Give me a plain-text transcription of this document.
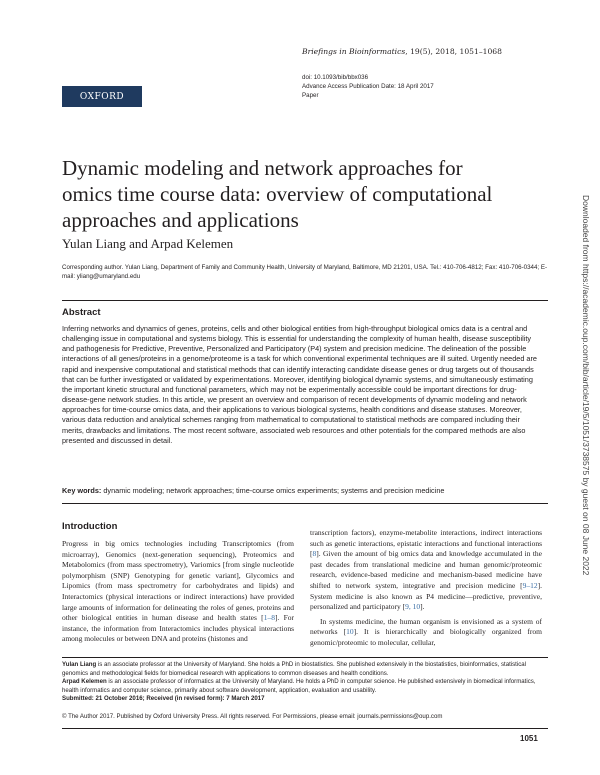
Briefings in Bioinformatics, 19(5), 2018, 1051–1068
OXFORD
doi: 10.1093/bib/bbx036
Advance Access Publication Date: 18 April 2017
Paper
Dynamic modeling and network approaches for omics time course data: overview of computational approaches and applications
Yulan Liang and Arpad Kelemen
Corresponding author. Yulan Liang, Department of Family and Community Health, University of Maryland, Baltimore, MD 21201, USA. Tel.: 410-706-4812; Fax: 410-706-0344; E-mail: yliang@umaryland.edu
Abstract
Inferring networks and dynamics of genes, proteins, cells and other biological entities from high-throughput biological omics data is a central and challenging issue in computational and systems biology. This is essential for understanding the complexity of human health, disease susceptibility and pathogenesis for Predictive, Preventive, Personalized and Participatory (P4) system and precision medicine. The delineation of the possible interactions of all genes/proteins in a genome/proteome is a task for which conventional experimental techniques are ill suited. Urgently needed are rapid and inexpensive computational and statistical methods that can identify interacting candidate disease genes or drug targets out of thousands that can be further investigated or validated by experimentations. Moreover, identifying biological dynamic systems, and simultaneously estimating the important kinetic structural and functional parameters, which may not be experimentally accessible could be important directions for drug-disease-gene network studies. In this article, we present an overview and comparison of recent developments of dynamic modeling and network approaches for time-course omics data, and their applications to various biological systems, health conditions and disease statuses. Moreover, various data reduction and analytical schemes ranging from mathematical to computational to statistical methods are compared including their merits, drawbacks and limitations. The most recent software, associated web resources and other potentials for the compared methods are also presented and discussed in detail.
Key words: dynamic modeling; network approaches; time-course omics experiments; systems and precision medicine
Introduction

Progress in big omics technologies including Transcriptomics (from microarray), Genomics (next-generation sequencing), Proteomics and Metabolomics (from mass spectrometry), Variomics [from single nucleotide polymorphism (SNP) Genotyping for genetic variant], Glycomics and Lipomics (from mass spectrometry for carbohydrates and lipids) and Interactomics (physical interactions or indirect interactions) have provided large amounts of information for delineating the roles of genes, proteins and other biological entities in human disease and health states [1–8]. For instance, the information from Interactomics includes physical interactions among molecules or between DNA and proteins (histones and

transcription factors), enzyme-metabolite interactions, indirect interactions such as genetic interactions, epistatic interactions and functional interactions [8]. Given the amount of big omics data and knowledge accumulated in the past decades from translational medicine and human genomic/proteomic research, evidence-based medicine and mechanism-based medicine have shifted to network system, integrative and precision medicine [9–12]. System medicine is also known as P4 medicine—predictive, preventive, personalized and participatory [9, 10].

In systems medicine, the human organism is envisioned as a system of networks [10]. It is hierarchically and biologically organized from genomic/proteomic to molecular, cellular,

Yulan Liang is an associate professor at the University of Maryland. She holds a PhD in biostatistics. She published extensively in the biostatistics, bioinformatics, statistical genomics and methodological fields for biomedical research with applications to common diseases and health conditions.
Arpad Kelemen is an associate professor of informatics at the University of Maryland. He holds a PhD in computer science. He published extensively in biomedical informatics, health informatics and computer science, primarily about software development, application, evaluation and usability.
Submitted: 21 October 2016; Received (in revised form): 7 March 2017
© The Author 2017. Published by Oxford University Press. All rights reserved. For Permissions, please email: journals.permissions@oup.com
1051
Downloaded from https://academic.oup.com/bib/article/19/5/1051/3738575 by guest on 08 June 2022
